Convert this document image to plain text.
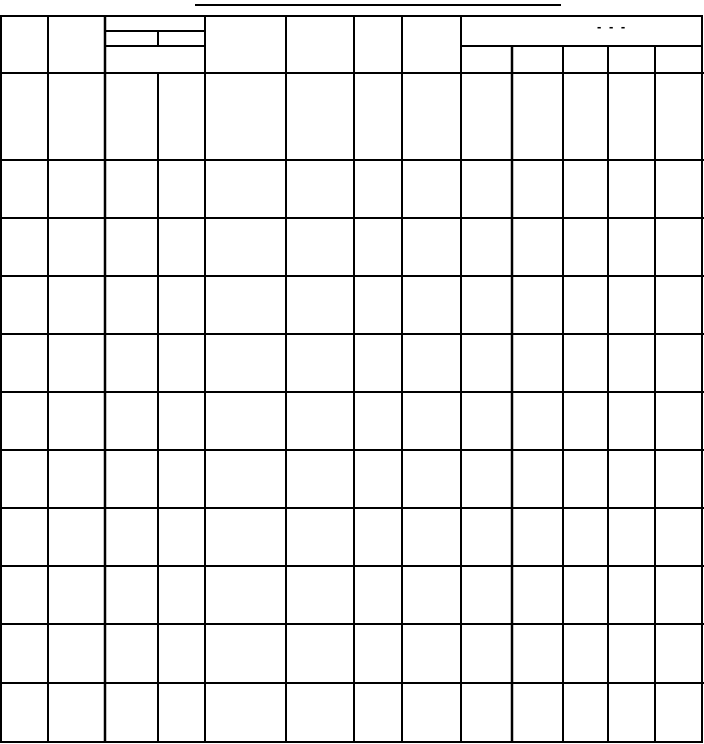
- - -
